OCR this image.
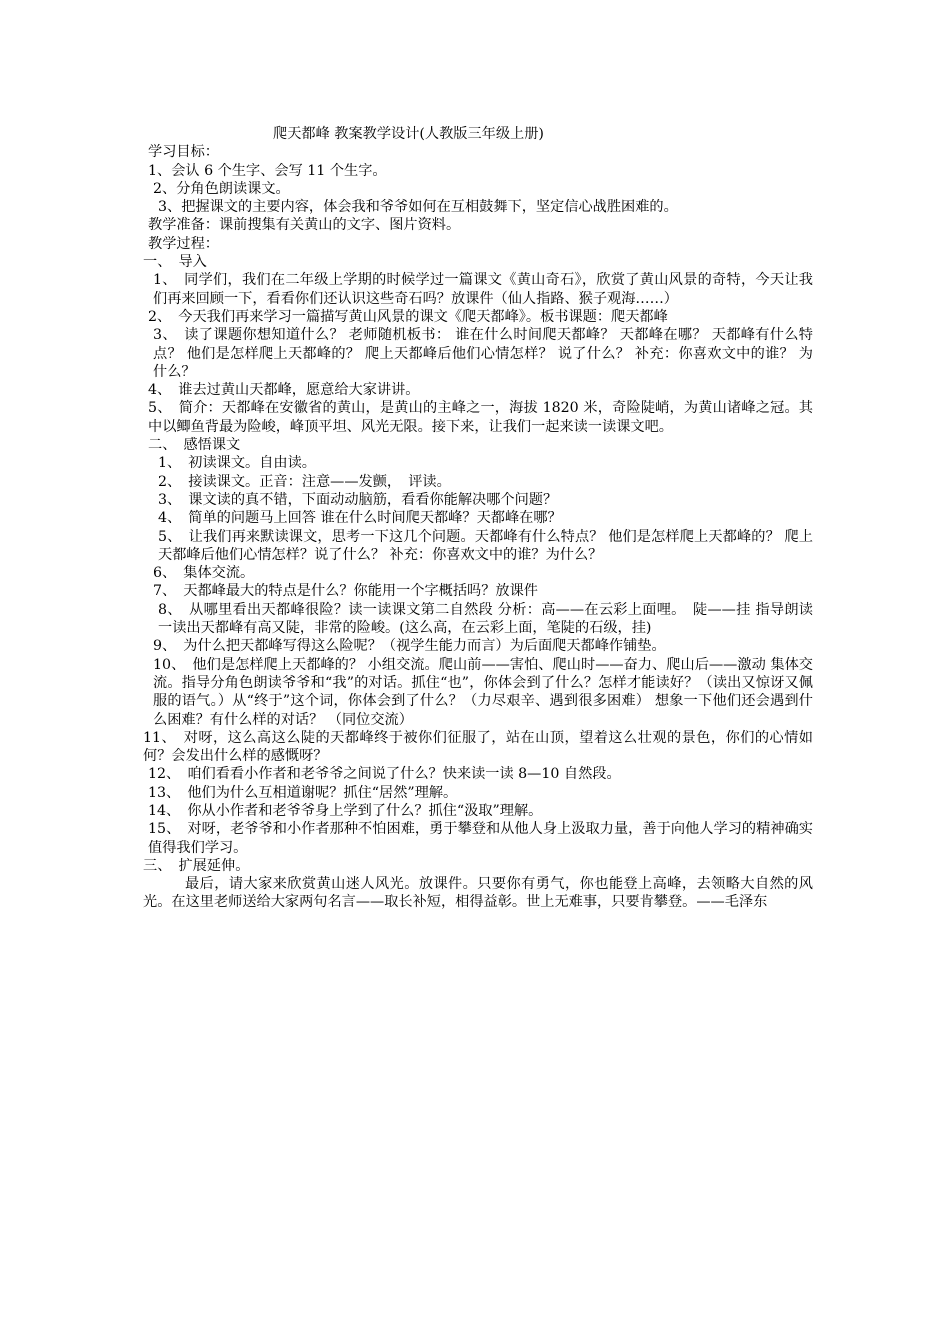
爬天都峰 教案教学设计(人教版三年级上册)

学习目标：

1、会认 6 个生字、会写 11 个生字。

2、分角色朗读课文。

3、把握课文的主要内容，体会我和爷爷如何在互相鼓舞下，坚定信心战胜困难的。

教学准备：课前搜集有关黄山的文字、图片资料。

教学过程：

一、　导入

1、　同学们，我们在二年级上学期的时候学过一篇课文《黄山奇石》，欣赏了黄山风景的奇特，今天让我们再来回顾一下，看看你们还认识这些奇石吗？放课件（仙人指路、猴子观海……）

2、　今天我们再来学习一篇描写黄山风景的课文《爬天都峰》。板书课题：爬天都峰

3、　读了课题你想知道什么？ 老师随机板书： 谁在什么时间爬天都峰？ 天都峰在哪？ 天都峰有什么特点？ 他们是怎样爬上天都峰的？ 爬上天都峰后他们心情怎样？ 说了什么？ 补充：你喜欢文中的谁？ 为什么？

4、　谁去过黄山天都峰，愿意给大家讲讲。

5、　简介：天都峰在安徽省的黄山，是黄山的主峰之一，海拔 1820 米，奇险陡峭，为黄山诸峰之冠。其中以鲫鱼背最为险峻，峰顶平坦、风光无限。接下来，让我们一起来读一读课文吧。

二、　感悟课文

1、　初读课文。自由读。

2、　接读课文。正音：注意——发颤，　评读。

3、　课文读的真不错，下面动动脑筋，看看你能解决哪个问题？

4、　简单的问题马上回答 谁在什么时间爬天都峰？天都峰在哪？

5、　让我们再来默读课文，思考一下这几个问题。天都峰有什么特点？ 他们是怎样爬上天都峰的？ 爬上天都峰后他们心情怎样？说了什么？ 补充：你喜欢文中的谁？为什么？

6、　集体交流。

7、　天都峰最大的特点是什么？你能用一个字概括吗？放课件

8、　从哪里看出天都峰很险？读一读课文第二自然段 分析：高——在云彩上面哩。　陡——挂 指导朗读一读出天都峰有高又陡，非常的险峻。(这么高，在云彩上面，笔陡的石级，挂)

9、　为什么把天都峰写得这么险呢？（视学生能力而言）为后面爬天都峰作铺垫。

10、　他们是怎样爬上天都峰的？ 小组交流。爬山前——害怕、爬山时——奋力、爬山后——激动 集体交流。指导分角色朗读爷爷和“我”的对话。抓住“也”，你体会到了什么？怎样才能读好？（读出又惊讶又佩服的语气。）从“终于”这个词，你体会到了什么？（力尽艰辛、遇到很多困难） 想象一下他们还会遇到什么困难？有什么样的对话？ （同位交流）

11、　对呀，这么高这么陡的天都峰终于被你们征服了，站在山顶，望着这么壮观的景色，你们的心情如何？会发出什么样的感慨呀？

12、　咱们看看小作者和老爷爷之间说了什么？快来读一读 8—10 自然段。

13、　他们为什么互相道谢呢？抓住“居然”理解。

14、　你从小作者和老爷爷身上学到了什么？抓住“汲取”理解。

15、　对呀，老爷爷和小作者那种不怕困难，勇于攀登和从他人身上汲取力量，善于向他人学习的精神确实值得我们学习。

三、　扩展延伸。

最后，请大家来欣赏黄山迷人风光。放课件。只要你有勇气，你也能登上高峰，去领略大自然的风光。在这里老师送给大家两句名言——取长补短，相得益彰。世上无难事，只要肯攀登。——毛泽东
